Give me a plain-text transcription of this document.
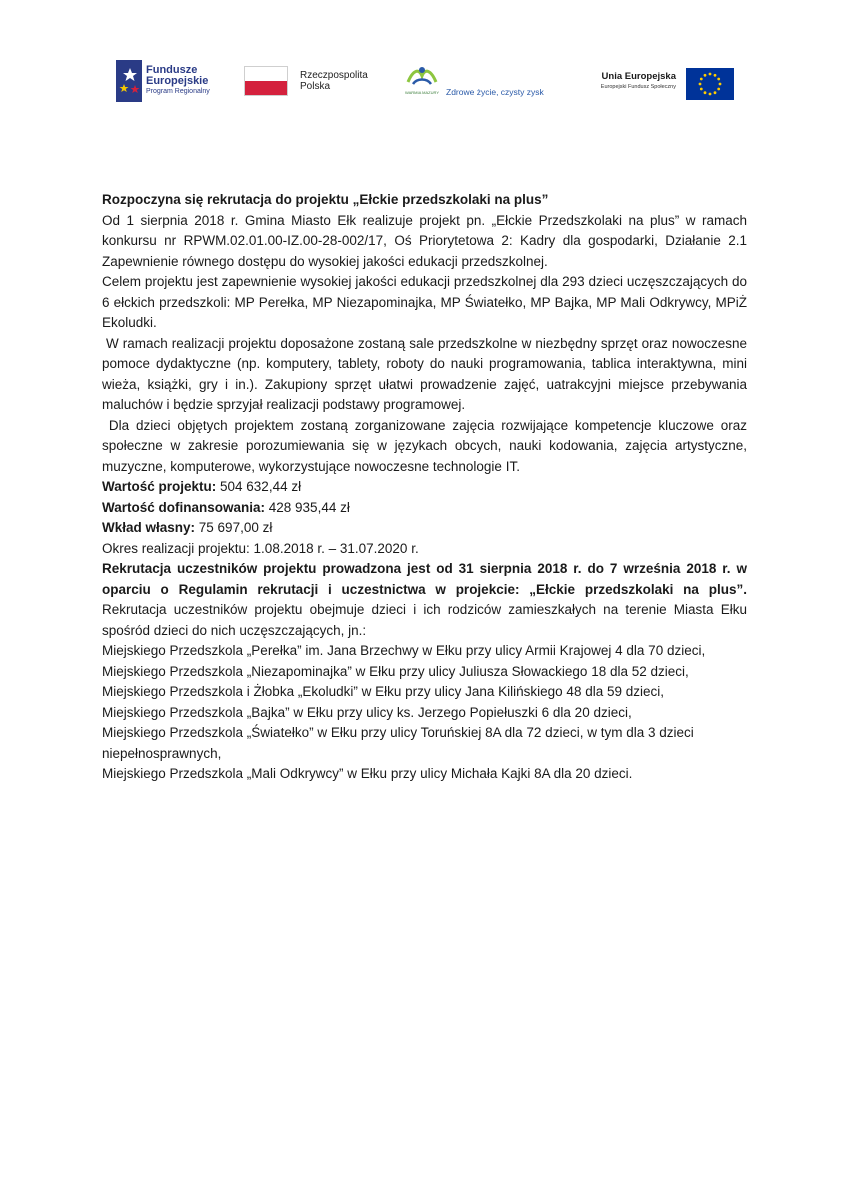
Fundusze
Europejskie
Program Regionalny
Rzeczpospolita
Polska
WARMIA MAZURY Zdrowe życie, czysty zysk
Unia Europejska
Europejski Fundusz Społeczny

Rozpoczyna się rekrutacja do projektu „Ełckie przedszkolaki na plus”

Od 1 sierpnia 2018 r. Gmina Miasto Ełk realizuje projekt pn. „Ełckie Przedszkolaki na plus” w ramach konkursu nr RPWM.02.01.00-IZ.00-28-002/17, Oś Priorytetowa 2: Kadry dla gospodarki, Działanie 2.1 Zapewnienie równego dostępu do wysokiej jakości edukacji przedszkolnej.

Celem projektu jest zapewnienie wysokiej jakości edukacji przedszkolnej dla 293 dzieci uczęszczających do 6 ełckich przedszkoli: MP Perełka, MP Niezapominajka, MP Światełko, MP Bajka, MP Mali Odkrywcy, MPiŻ Ekoludki.

W ramach realizacji projektu doposażone zostaną sale przedszkolne w niezbędny sprzęt oraz nowoczesne pomoce dydaktyczne (np. komputery, tablety, roboty do nauki programowania, tablica interaktywna, mini wieża, książki, gry i in.). Zakupiony sprzęt ułatwi prowadzenie zajęć, uatrakcyjni miejsce przebywania maluchów i będzie sprzyjał realizacji podstawy programowej.

Dla dzieci objętych projektem zostaną zorganizowane zajęcia rozwijające kompetencje kluczowe oraz społeczne w zakresie porozumiewania się w językach obcych, nauki kodowania, zajęcia artystyczne, muzyczne, komputerowe, wykorzystujące nowoczesne technologie IT.

Wartość projektu: 504 632,44 zł

Wartość dofinansowania: 428 935,44 zł

Wkład własny: 75 697,00 zł

Okres realizacji projektu: 1.08.2018 r. – 31.07.2020 r.

Rekrutacja uczestników projektu prowadzona jest od 31 sierpnia 2018 r. do 7 września 2018 r. w oparciu o Regulamin rekrutacji i uczestnictwa w projekcie: „Ełckie przedszkolaki na plus”. Rekrutacja uczestników projektu obejmuje dzieci i ich rodziców zamieszkałych na terenie Miasta Ełku spośród dzieci do nich uczęszczających, jn.:

Miejskiego Przedszkola „Perełka” im. Jana Brzechwy w Ełku przy ulicy Armii Krajowej 4 dla 70 dzieci,

Miejskiego Przedszkola „Niezapominajka” w Ełku przy ulicy Juliusza Słowackiego 18 dla 52 dzieci,

Miejskiego Przedszkola i Żłobka „Ekoludki” w Ełku przy ulicy Jana Kilińskiego 48 dla 59 dzieci,

Miejskiego Przedszkola „Bajka” w Ełku przy ulicy ks. Jerzego Popiełuszki 6 dla 20 dzieci,

Miejskiego Przedszkola „Światełko” w Ełku przy ulicy Toruńskiej 8A dla 72 dzieci, w tym dla 3 dzieci niepełnosprawnych,

Miejskiego Przedszkola „Mali Odkrywcy” w Ełku przy ulicy Michała Kajki 8A dla 20 dzieci.
